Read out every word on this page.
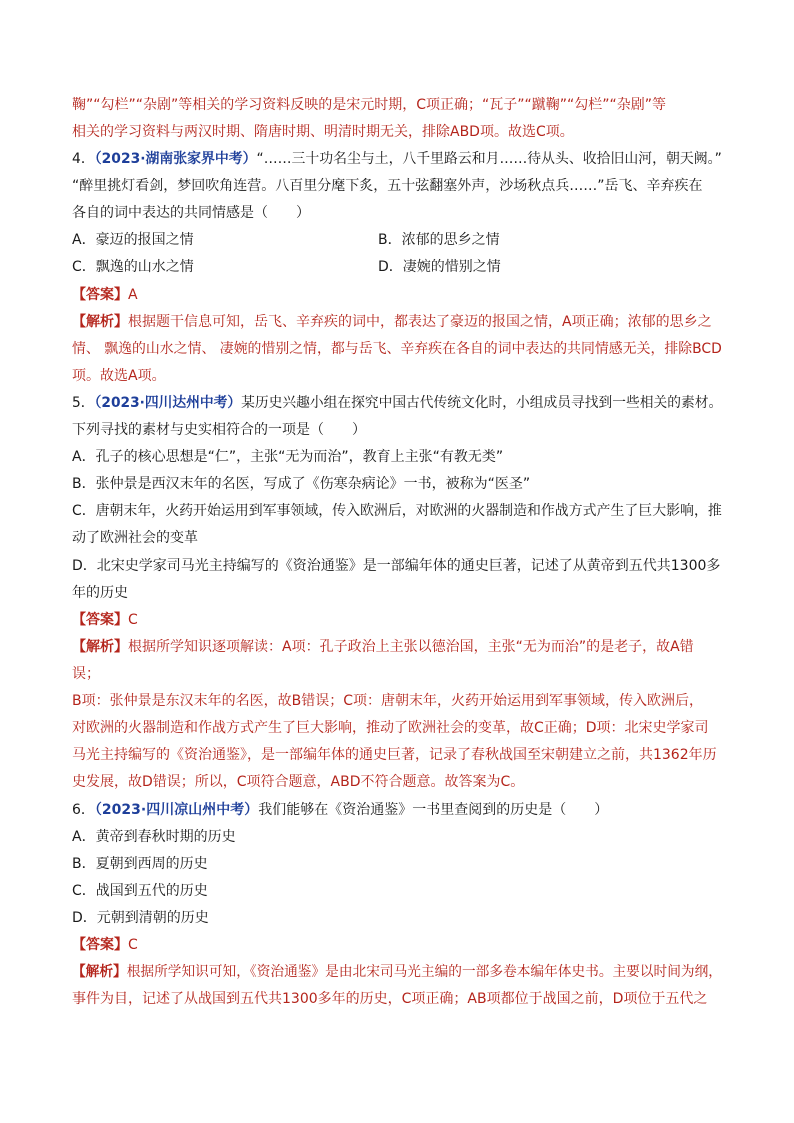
鞠”“勾栏”“杂剧”等相关的学习资料反映的是宋元时期，C项正确；“瓦子”“蹴鞠”“勾栏”“杂剧”等
相关的学习资料与两汉时期、隋唐时期、明清时期无关，排除ABD项。故选C项。
4．（2023·湖南张家界中考）“……三十功名尘与土，八千里路云和月……待从头、收拾旧山河，朝天阙。”
“醉里挑灯看剑，梦回吹角连营。八百里分麾下炙，五十弦翻塞外声，沙场秋点兵……”岳飞、辛弃疾在
各自的词中表达的共同情感是（　　）
A．豪迈的报国之情	B．浓郁的思乡之情
C．飘逸的山水之情	D．凄婉的惜别之情
【答案】A
【解析】根据题干信息可知，岳飞、辛弃疾的词中，都表达了豪迈的报国之情，A项正确；浓郁的思乡之
情、 飘逸的山水之情、 凄婉的惜别之情，都与岳飞、辛弃疾在各自的词中表达的共同情感无关，排除BCD
项。故选A项。
5．（2023·四川达州中考）某历史兴趣小组在探究中国古代传统文化时，小组成员寻找到一些相关的素材。
下列寻找的素材与史实相符合的一项是（　　）
A．孔子的核心思想是“仁”，主张“无为而治”，教育上主张“有教无类”
B．张仲景是西汉末年的名医，写成了《伤寒杂病论》一书，被称为“医圣”
C．唐朝末年，火药开始运用到军事领域，传入欧洲后，对欧洲的火器制造和作战方式产生了巨大影响，推
动了欧洲社会的变革
D．北宋史学家司马光主持编写的《资治通鉴》是一部编年体的通史巨著，记述了从黄帝到五代共1300多
年的历史
【答案】C
【解析】根据所学知识逐项解读：A项：孔子政治上主张以德治国，主张“无为而治”的是老子，故A错
误；
B项：张仲景是东汉末年的名医，故B错误；C项：唐朝末年，火药开始运用到军事领域，传入欧洲后，
对欧洲的火器制造和作战方式产生了巨大影响，推动了欧洲社会的变革，故C正确；D项：北宋史学家司
马光主持编写的《资治通鉴》，是一部编年体的通史巨著，记录了春秋战国至宋朝建立之前，共1362年历
史发展，故D错误；所以，C项符合题意，ABD不符合题意。故答案为C。
6．（2023·四川凉山州中考）我们能够在《资治通鉴》一书里查阅到的历史是（　　）
A．黄帝到春秋时期的历史
B．夏朝到西周的历史
C．战国到五代的历史
D．元朝到清朝的历史
【答案】C
【解析】根据所学知识可知，《资治通鉴》是由北宋司马光主编的一部多卷本编年体史书。主要以时间为纲，
事件为目，记述了从战国到五代共1300多年的历史，C项正确；AB项都位于战国之前，D项位于五代之
